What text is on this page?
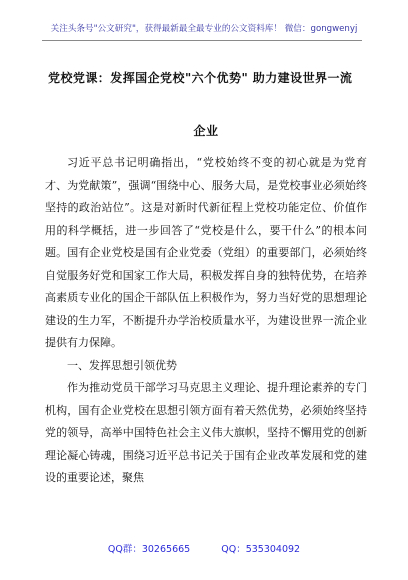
关注头条号"公文研究"，获得最新最全最专业的公文资料库！ 微信：gongwenyj
党校党课：发挥国企党校"六个优势" 助力建设世界一流
企业

习近平总书记明确指出，“党校始终不变的初心就是为党育才、为党献策”，强调“围绕中心、服务大局，是党校事业必须始终坚持的政治站位”。这是对新时代新征程上党校功能定位、价值作用的科学概括，进一步回答了“党校是什么，要干什么”的根本问题。国有企业党校是国有企业党委（党组）的重要部门，必须始终自觉服务好党和国家工作大局，积极发挥自身的独特优势，在培养高素质专业化的国企干部队伍上积极作为，努力当好党的思想理论建设的生力军，不断提升办学治校质量水平，为建设世界一流企业提供有力保障。

一、发挥思想引领优势

作为推动党员干部学习马克思主义理论、提升理论素养的专门机构，国有企业党校在思想引领方面有着天然优势，必须始终坚持党的领导，高举中国特色社会主义伟大旗帜，坚持不懈用党的创新理论凝心铸魂，围绕习近平总书记关于国有企业改革发展和党的建设的重要论述，聚焦

QQ群：30265665	QQ：535304092
